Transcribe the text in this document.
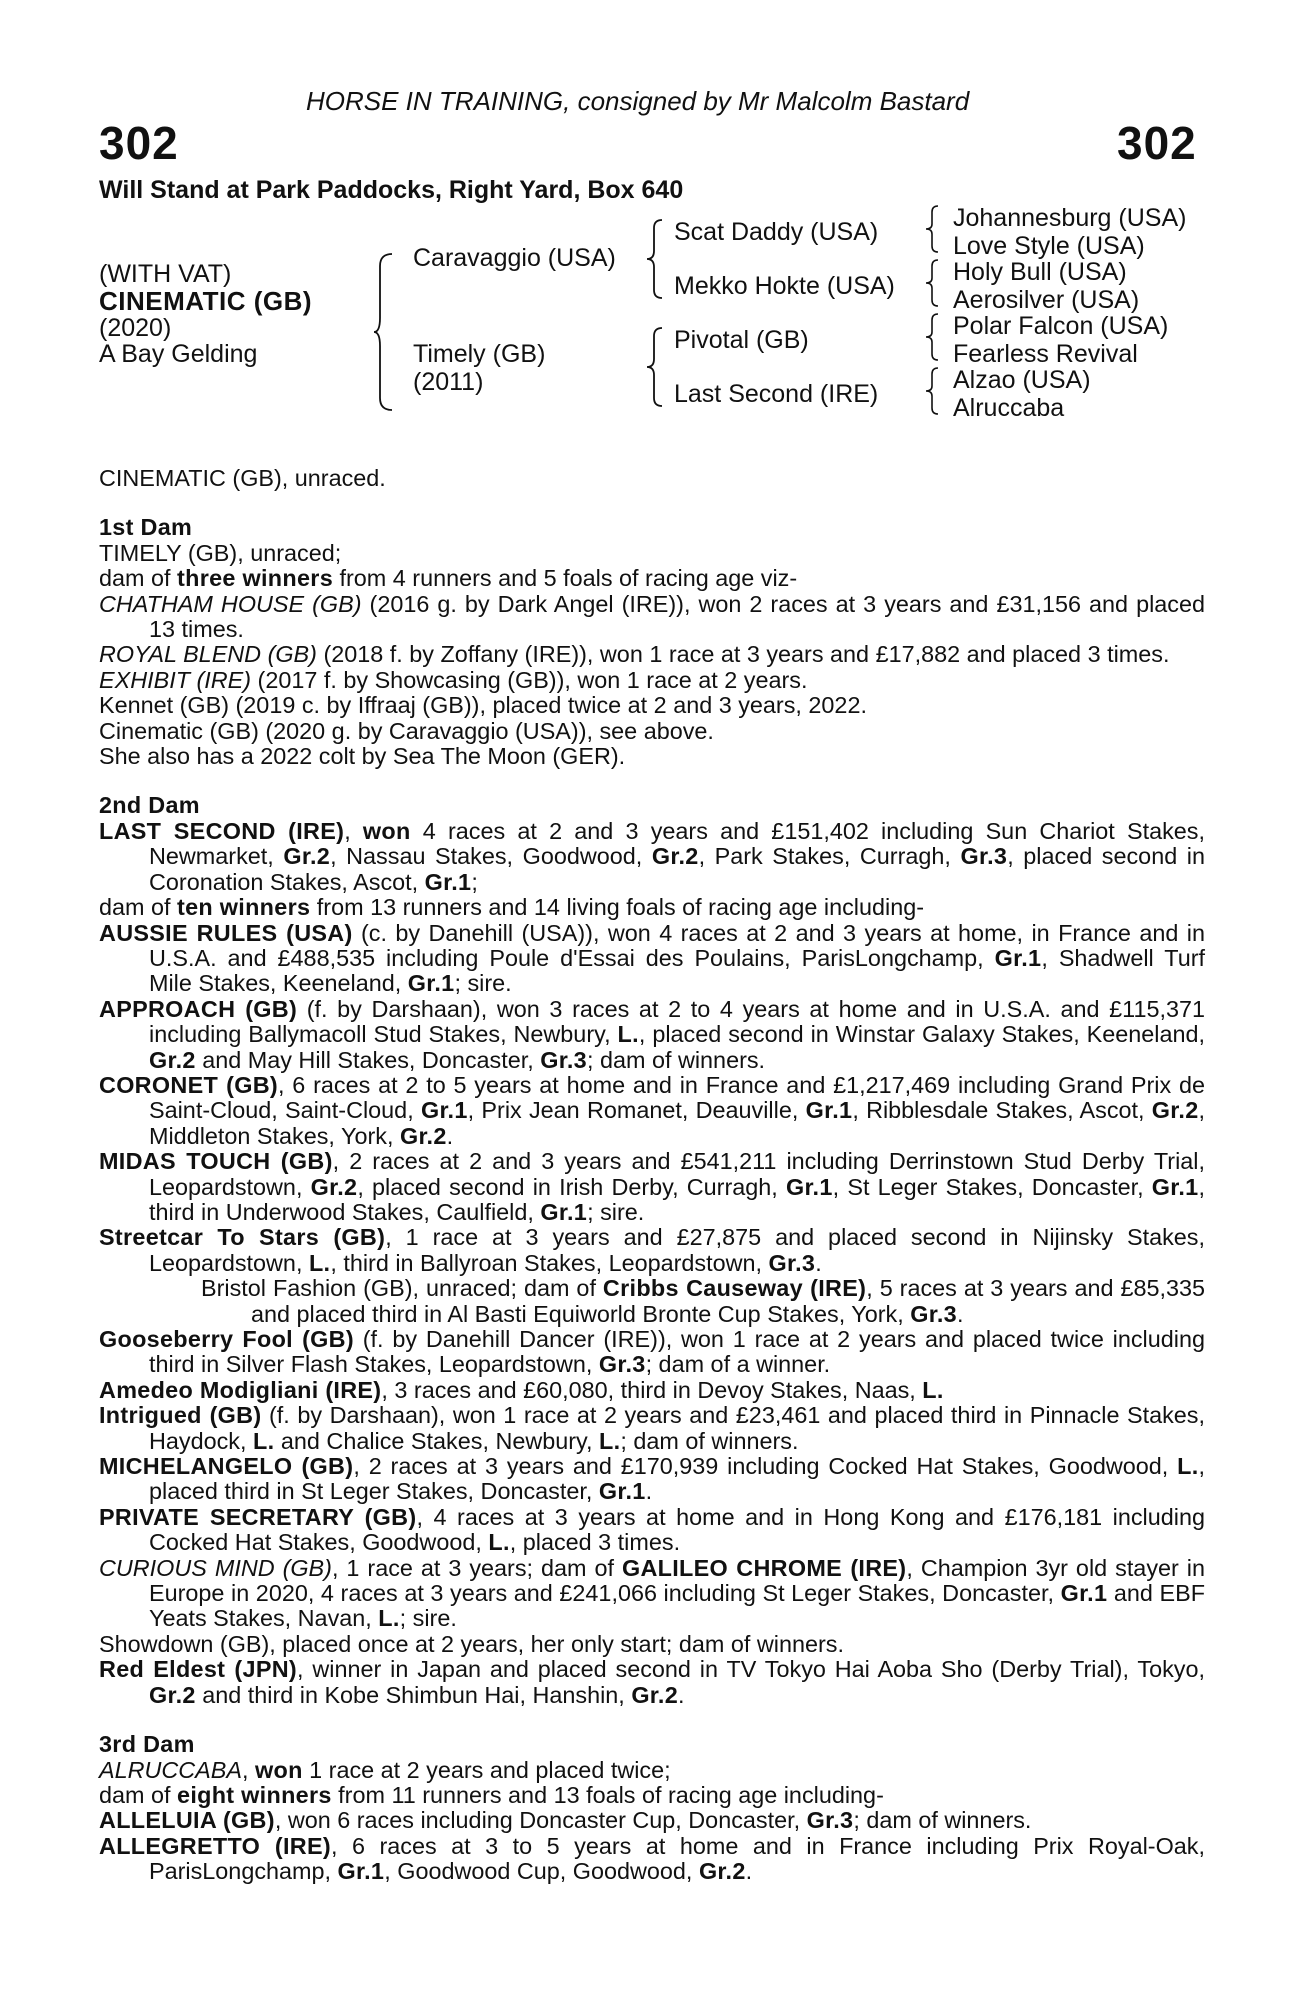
HORSE IN TRAINING, consigned by Mr Malcolm Bastard
302	302
Will Stand at Park Paddocks, Right Yard, Box 640
(WITH VAT)
CINEMATIC (GB)
(2020)
A Bay Gelding
Caravaggio (USA)
Timely (GB)
(2011)
Scat Daddy (USA)
Mekko Hokte (USA)
Pivotal (GB)
Last Second (IRE)
Johannesburg (USA)
Love Style (USA)
Holy Bull (USA)
Aerosilver (USA)
Polar Falcon (USA)
Fearless Revival
Alzao (USA)
Alruccaba

CINEMATIC (GB), unraced.

1st Dam

TIMELY (GB), unraced;

dam of three winners from 4 runners and 5 foals of racing age viz-

CHATHAM HOUSE (GB) (2016 g. by Dark Angel (IRE)), won 2 races at 3 years and £31,156 and placed 13 times.

ROYAL BLEND (GB) (2018 f. by Zoffany (IRE)), won 1 race at 3 years and £17,882 and placed 3 times.

EXHIBIT (IRE) (2017 f. by Showcasing (GB)), won 1 race at 2 years.

Kennet (GB) (2019 c. by Iffraaj (GB)), placed twice at 2 and 3 years, 2022.

Cinematic (GB) (2020 g. by Caravaggio (USA)), see above.

She also has a 2022 colt by Sea The Moon (GER).

2nd Dam

LAST SECOND (IRE), won 4 races at 2 and 3 years and £151,402 including Sun Chariot Stakes, Newmarket, Gr.2, Nassau Stakes, Goodwood, Gr.2, Park Stakes, Curragh, Gr.3, placed second in Coronation Stakes, Ascot, Gr.1;

dam of ten winners from 13 runners and 14 living foals of racing age including-

AUSSIE RULES (USA) (c. by Danehill (USA)), won 4 races at 2 and 3 years at home, in France and in U.S.A. and £488,535 including Poule d'Essai des Poulains, ParisLongchamp, Gr.1, Shadwell Turf Mile Stakes, Keeneland, Gr.1; sire.

APPROACH (GB) (f. by Darshaan), won 3 races at 2 to 4 years at home and in U.S.A. and £115,371 including Ballymacoll Stud Stakes, Newbury, L., placed second in Winstar Galaxy Stakes, Keeneland, Gr.2 and May Hill Stakes, Doncaster, Gr.3; dam of winners.

CORONET (GB), 6 races at 2 to 5 years at home and in France and £1,217,469 including Grand Prix de Saint-Cloud, Saint-Cloud, Gr.1, Prix Jean Romanet, Deauville, Gr.1, Ribblesdale Stakes, Ascot, Gr.2, Middleton Stakes, York, Gr.2.

MIDAS TOUCH (GB), 2 races at 2 and 3 years and £541,211 including Derrinstown Stud Derby Trial, Leopardstown, Gr.2, placed second in Irish Derby, Curragh, Gr.1, St Leger Stakes, Doncaster, Gr.1, third in Underwood Stakes, Caulfield, Gr.1; sire.

Streetcar To Stars (GB), 1 race at 3 years and £27,875 and placed second in Nijinsky Stakes, Leopardstown, L., third in Ballyroan Stakes, Leopardstown, Gr.3.

Bristol Fashion (GB), unraced; dam of Cribbs Causeway (IRE), 5 races at 3 years and £85,335 and placed third in Al Basti Equiworld Bronte Cup Stakes, York, Gr.3.

Gooseberry Fool (GB) (f. by Danehill Dancer (IRE)), won 1 race at 2 years and placed twice including third in Silver Flash Stakes, Leopardstown, Gr.3; dam of a winner.

Amedeo Modigliani (IRE), 3 races and £60,080, third in Devoy Stakes, Naas, L.

Intrigued (GB) (f. by Darshaan), won 1 race at 2 years and £23,461 and placed third in Pinnacle Stakes, Haydock, L. and Chalice Stakes, Newbury, L.; dam of winners.

MICHELANGELO (GB), 2 races at 3 years and £170,939 including Cocked Hat Stakes, Goodwood, L., placed third in St Leger Stakes, Doncaster, Gr.1.

PRIVATE SECRETARY (GB), 4 races at 3 years at home and in Hong Kong and £176,181 including Cocked Hat Stakes, Goodwood, L., placed 3 times.

CURIOUS MIND (GB), 1 race at 3 years; dam of GALILEO CHROME (IRE), Champion 3yr old stayer in Europe in 2020, 4 races at 3 years and £241,066 including St Leger Stakes, Doncaster, Gr.1 and EBF Yeats Stakes, Navan, L.; sire.

Showdown (GB), placed once at 2 years, her only start; dam of winners.

Red Eldest (JPN), winner in Japan and placed second in TV Tokyo Hai Aoba Sho (Derby Trial), Tokyo, Gr.2 and third in Kobe Shimbun Hai, Hanshin, Gr.2.

3rd Dam

ALRUCCABA, won 1 race at 2 years and placed twice;

dam of eight winners from 11 runners and 13 foals of racing age including-

ALLELUIA (GB), won 6 races including Doncaster Cup, Doncaster, Gr.3; dam of winners.

ALLEGRETTO (IRE), 6 races at 3 to 5 years at home and in France including Prix Royal-Oak, ParisLongchamp, Gr.1, Goodwood Cup, Goodwood, Gr.2.
